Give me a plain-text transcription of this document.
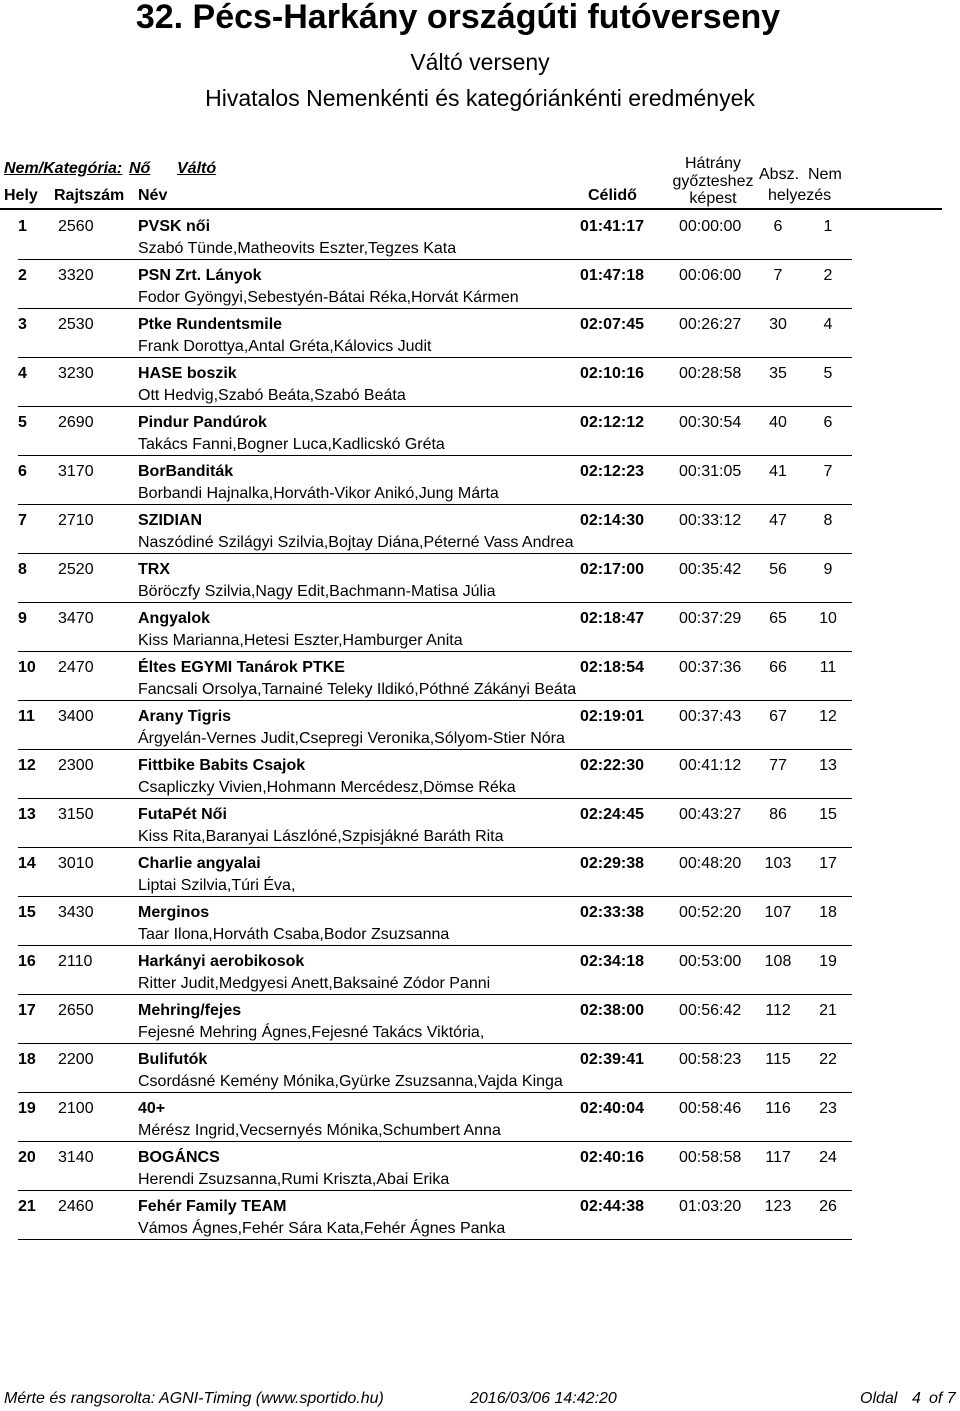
32. Pécs-Harkány országúti futóverseny
Váltó verseny
Hivatalos Nemenkénti és kategóriánkénti eredmények
Nem/Kategória: Nő Váltó
Hely Rajtszám Név	Célidő
Hátrány
győzteshez
képest
Absz. Nem
helyezés
1 2560	PVSK női	01:41:17 00:00:00	6	1
Szabó Tünde,Matheovits Eszter,Tegzes Kata
2 3320	PSN Zrt. Lányok	01:47:18 00:06:00	7	2
Fodor Gyöngyi,Sebestyén-Bátai Réka,Horvát Kármen
3 2530	Ptke Rundentsmile	02:07:45 00:26:27	30	4
Frank Dorottya,Antal Gréta,Kálovics Judit
4 3230	HASE boszik	02:10:16 00:28:58	35	5
Ott Hedvig,Szabó Beáta,Szabó Beáta
5 2690	Pindur Pandúrok	02:12:12 00:30:54	40	6
Takács Fanni,Bogner Luca,Kadlicskó Gréta
6 3170	BorBanditák	02:12:23 00:31:05	41	7
Borbandi Hajnalka,Horváth-Vikor Anikó,Jung Márta
7 2710	SZIDIAN	02:14:30 00:33:12	47	8
Naszódiné Szilágyi Szilvia,Bojtay Diána,Péterné Vass Andrea
8 2520	TRX	02:17:00 00:35:42	56	9
Böröczfy Szilvia,Nagy Edit,Bachmann-Matisa Júlia
9 3470	Angyalok	02:18:47 00:37:29	65	10
Kiss Marianna,Hetesi Eszter,Hamburger Anita
10 2470	Éltes EGYMI Tanárok PTKE	02:18:54 00:37:36	66	11
Fancsali Orsolya,Tarnainé Teleky Ildikó,Póthné Zákányi Beáta
11 3400	Arany Tigris	02:19:01 00:37:43	67	12
Árgyelán-Vernes Judit,Csepregi Veronika,Sólyom-Stier Nóra
12 2300	Fittbike Babits Csajok	02:22:30 00:41:12	77	13
Csapliczky Vivien,Hohmann Mercédesz,Dömse Réka
13 3150	FutaPét Női	02:24:45 00:43:27	86	15
Kiss Rita,Baranyai Lászlóné,Szpisjákné Baráth Rita
14 3010	Charlie angyalai	02:29:38 00:48:20 103	17
Liptai Szilvia,Túri Éva,
15 3430	Merginos	02:33:38 00:52:20 107	18
Taar Ilona,Horváth Csaba,Bodor Zsuzsanna
16 2110	Harkányi aerobikosok	02:34:18 00:53:00 108	19
Ritter Judit,Medgyesi Anett,Baksainé Zódor Panni
17 2650	Mehring/fejes	02:38:00 00:56:42	112	21
Fejesné Mehring Ágnes,Fejesné Takács Viktória,
18 2200	Bulifutók	02:39:41 00:58:23	115	22
Csordásné Kemény Mónika,Gyürke Zsuzsanna,Vajda Kinga
19 2100	40+	02:40:04 00:58:46	116	23
Mérész Ingrid,Vecsernyés Mónika,Schumbert Anna
20 3140	BOGÁNCS	02:40:16 00:58:58	117	24
Herendi Zsuzsanna,Rumi Kriszta,Abai Erika
21 2460	Fehér Family TEAM	02:44:38 01:03:20 123	26
Vámos Ágnes,Fehér Sára Kata,Fehér Ágnes Panka
Mérte és rangsorolta: AGNI-Timing (www.sportido.hu)	2016/03/06 14:42:20	Oldal 4 of 7
